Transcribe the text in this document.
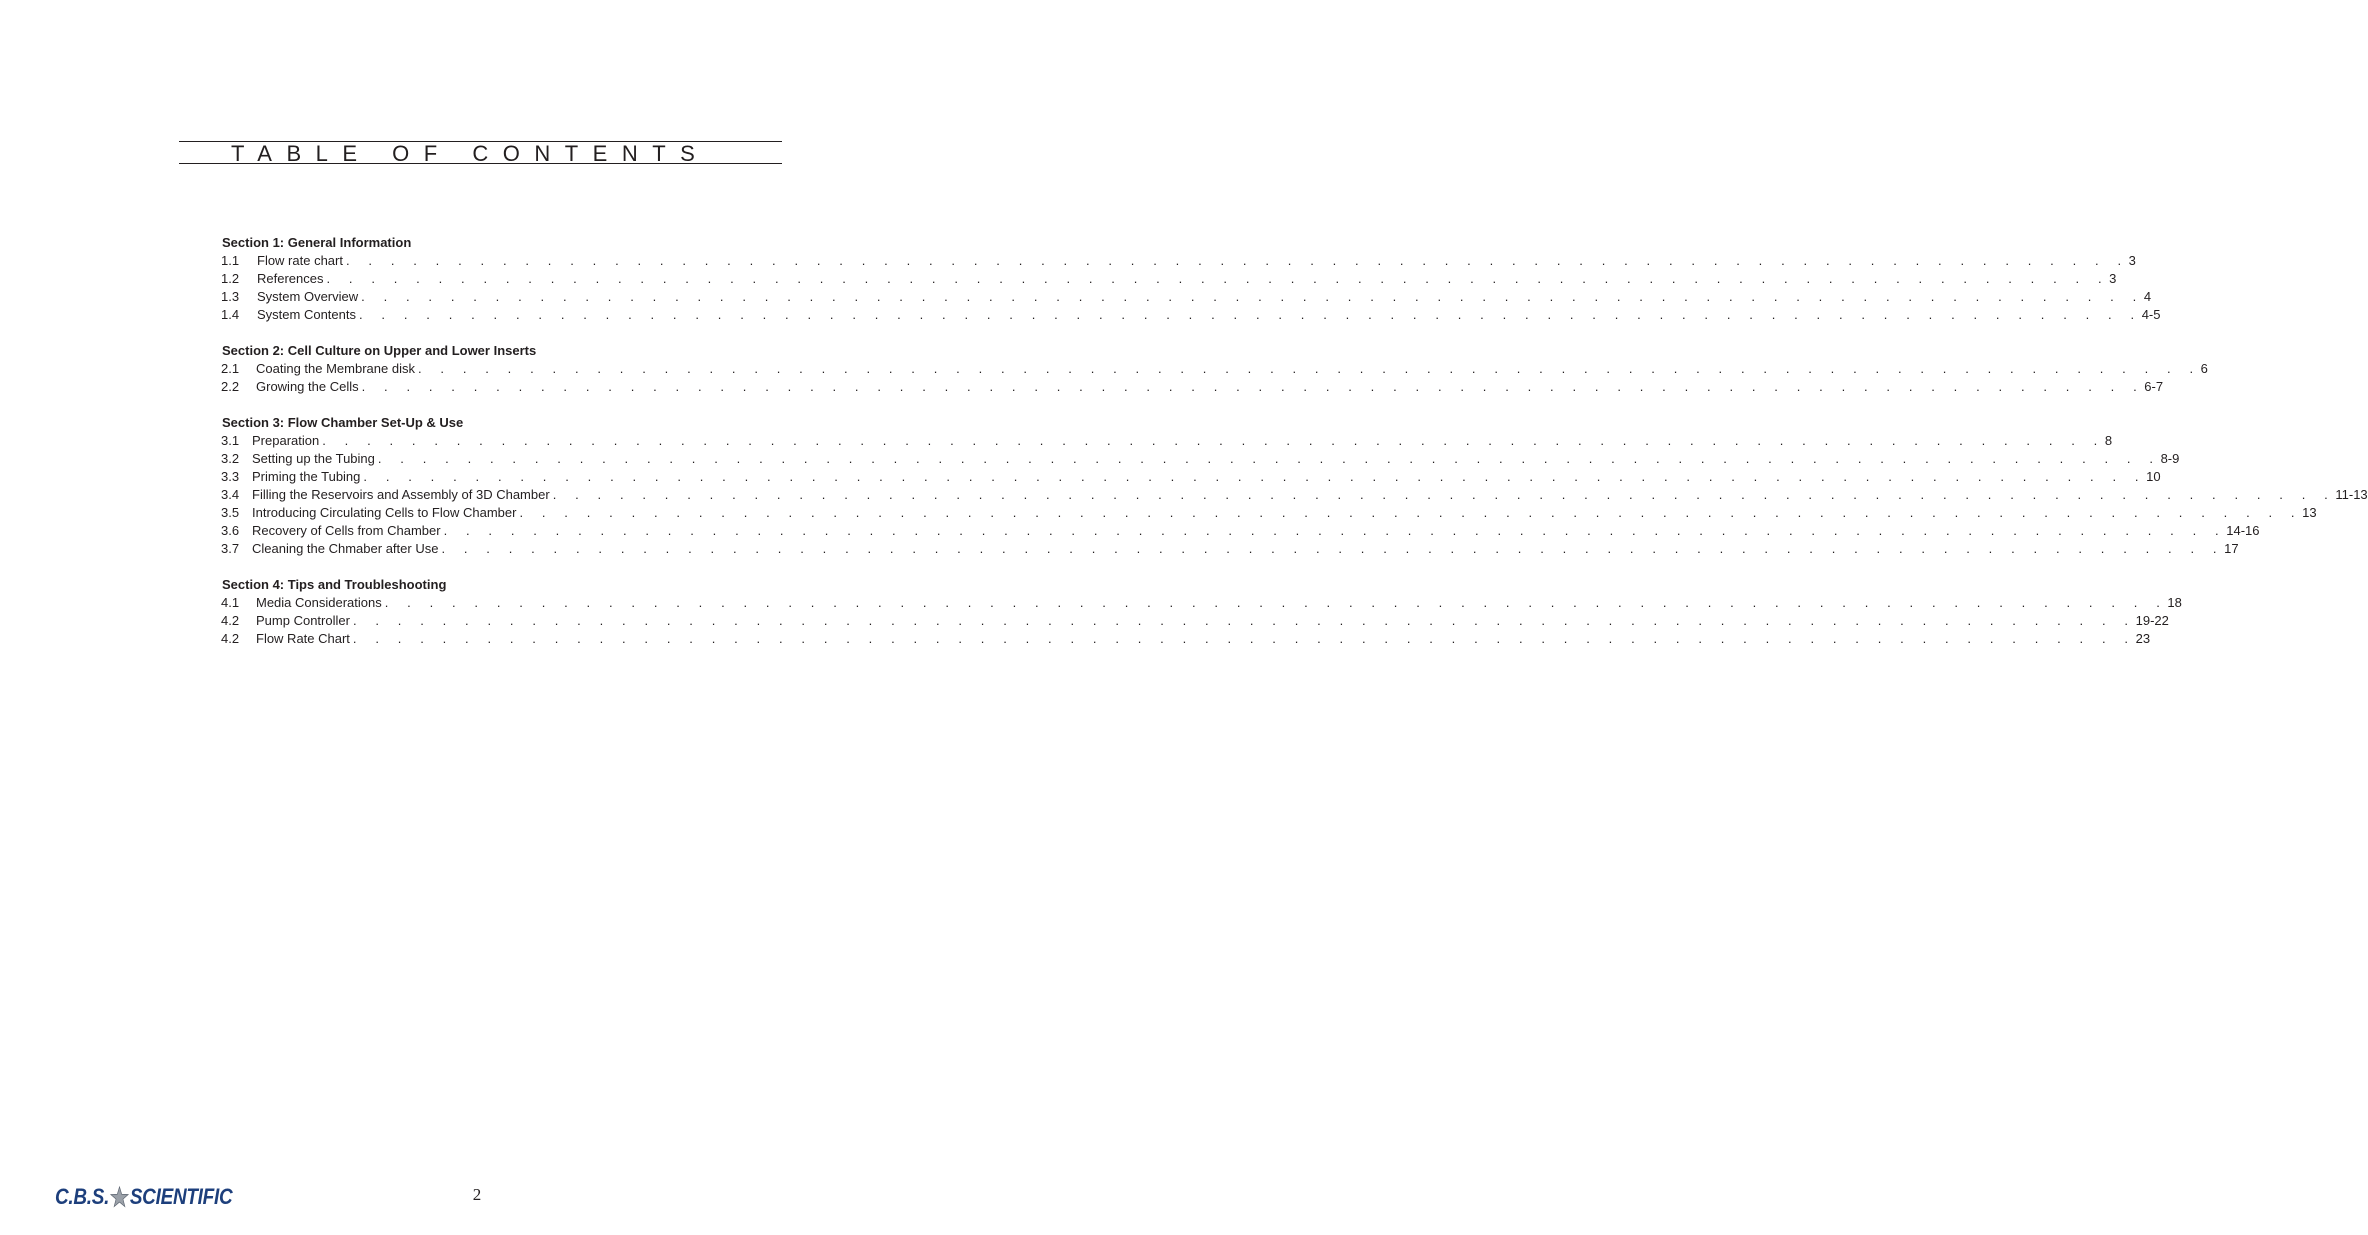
TABLE OF CONTENTS
Section 1: General Information
1.1	Flow rate chart . . . . . . . . . . . . . . . . . . . . . . . . . . . . . . . . . . . . . . . . . . . . . . . . . . . . . . . . . . . . . . . . . . . . . . . . . . . . . . . . 3
1.2	References . . . . . . . . . . . . . . . . . . . . . . . . . . . . . . . . . . . . . . . . . . . . . . . . . . . . . . . . . . . . . . . . . . . . . . . . . . . . . . . . 3
1.3	System Overview . . . . . . . . . . . . . . . . . . . . . . . . . . . . . . . . . . . . . . . . . . . . . . . . . . . . . . . . . . . . . . . . . . . . . . . . . . . . . . . . 4
1.4	System Contents . . . . . . . . . . . . . . . . . . . . . . . . . . . . . . . . . . . . . . . . . . . . . . . . . . . . . . . . . . . . . . . . . . . . . . . . . . . . . . . . 4-5
Section 2: Cell Culture on Upper and Lower Inserts
2.1	Coating the Membrane disk . . . . . . . . . . . . . . . . . . . . . . . . . . . . . . . . . . . . . . . . . . . . . . . . . . . . . . . . . . . . . . . . . . . . . . . . . . . . . . . . 6
2.2	Growing the Cells . . . . . . . . . . . . . . . . . . . . . . . . . . . . . . . . . . . . . . . . . . . . . . . . . . . . . . . . . . . . . . . . . . . . . . . . . . . . . . . . 6-7
Section 3: Flow Chamber Set-Up & Use
3.1 Preparation . . . . . . . . . . . . . . . . . . . . . . . . . . . . . . . . . . . . . . . . . . . . . . . . . . . . . . . . . . . . . . . . . . . . . . . . . . . . . . . . 8
3.2 Setting up the Tubing . . . . . . . . . . . . . . . . . . . . . . . . . . . . . . . . . . . . . . . . . . . . . . . . . . . . . . . . . . . . . . . . . . . . . . . . . . . . . . . . 8-9
3.3 Priming the Tubing . . . . . . . . . . . . . . . . . . . . . . . . . . . . . . . . . . . . . . . . . . . . . . . . . . . . . . . . . . . . . . . . . . . . . . . . . . . . . . . . 10
3.4 Filling the Reservoirs and Assembly of 3D Chamber . . . . . . . . . . . . . . . . . . . . . . . . . . . . . . . . . . . . . . . . . . . . . . . . . . . . . . . . . . . . . . . . . . . . . . . . . . . . . . . . 11-13
3.5 Introducing Circulating Cells to Flow Chamber . . . . . . . . . . . . . . . . . . . . . . . . . . . . . . . . . . . . . . . . . . . . . . . . . . . . . . . . . . . . . . . . . . . . . . . . . . . . . . . . 13
3.6 Recovery of Cells from Chamber . . . . . . . . . . . . . . . . . . . . . . . . . . . . . . . . . . . . . . . . . . . . . . . . . . . . . . . . . . . . . . . . . . . . . . . . . . . . . . . . 14-16
3.7 Cleaning the Chmaber after Use . . . . . . . . . . . . . . . . . . . . . . . . . . . . . . . . . . . . . . . . . . . . . . . . . . . . . . . . . . . . . . . . . . . . . . . . . . . . . . . . 17
Section 4: Tips and Troubleshooting
4.1	Media Considerations . . . . . . . . . . . . . . . . . . . . . . . . . . . . . . . . . . . . . . . . . . . . . . . . . . . . . . . . . . . . . . . . . . . . . . . . . . . . . . . . 18
4.2	Pump Controller . . . . . . . . . . . . . . . . . . . . . . . . . . . . . . . . . . . . . . . . . . . . . . . . . . . . . . . . . . . . . . . . . . . . . . . . . . . . . . . . 19-22
4.2	Flow Rate Chart . . . . . . . . . . . . . . . . . . . . . . . . . . . . . . . . . . . . . . . . . . . . . . . . . . . . . . . . . . . . . . . . . . . . . . . . . . . . . . . . 23
C.B.S. SCIENTIFIC	2
